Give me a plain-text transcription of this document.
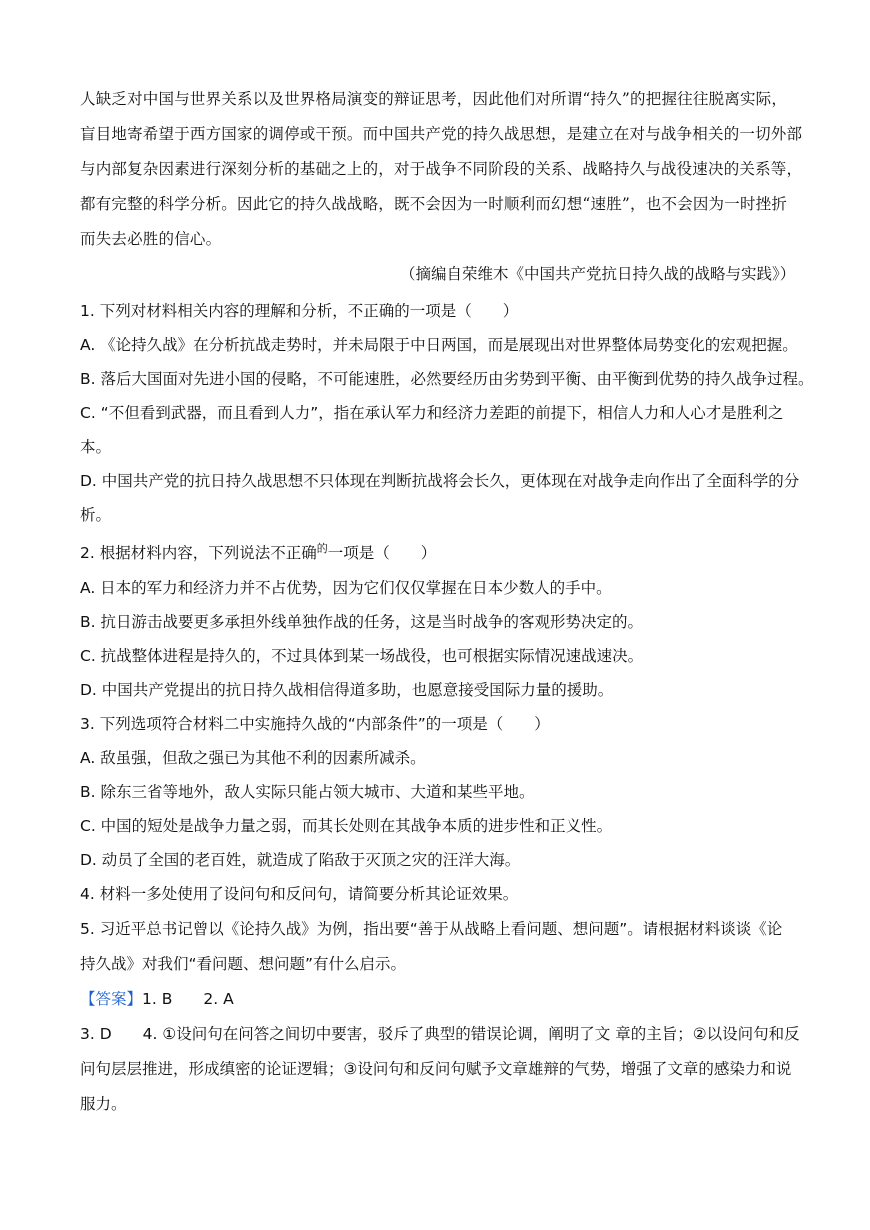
人缺乏对中国与世界关系以及世界格局演变的辩证思考，因此他们对所谓“持久”的把握往往脱离实际，
盲目地寄希望于西方国家的调停或干预。而中国共产党的持久战思想，是建立在对与战争相关的一切外部
与内部复杂因素进行深刻分析的基础之上的，对于战争不同阶段的关系、战略持久与战役速决的关系等，
都有完整的科学分析。因此它的持久战战略，既不会因为一时顺利而幻想“速胜”，也不会因为一时挫折
而失去必胜的信心。
（摘编自荣维木《中国共产党抗日持久战的战略与实践》）
1. 下列对材料相关内容的理解和分析，不正确的一项是（　　）
A. 《论持久战》在分析抗战走势时，并未局限于中日两国，而是展现出对世界整体局势变化的宏观把握。
B. 落后大国面对先进小国的侵略，不可能速胜，必然要经历由劣势到平衡、由平衡到优势的持久战争过程。
C. “不但看到武器，而且看到人力”，指在承认军力和经济力差距的前提下，相信人力和人心才是胜利之
本。
D. 中国共产党的抗日持久战思想不只体现在判断抗战将会长久，更体现在对战争走向作出了全面科学的分
析。
2. 根据材料内容，下列说法不正确$^的$一项是（　　）
A. 日本的军力和经济力并不占优势，因为它们仅仅掌握在日本少数人的手中。
B. 抗日游击战要更多承担外线单独作战的任务，这是当时战争的客观形势决定的。
C. 抗战整体进程是持久的，不过具体到某一场战役，也可根据实际情况速战速决。
D. 中国共产党提出的抗日持久战相信得道多助，也愿意接受国际力量的援助。
3. 下列选项符合材料二中实施持久战的“内部条件”的一项是（　　）
A. 敌虽强，但敌之强已为其他不利的因素所减杀。
B. 除东三省等地外，敌人实际只能占领大城市、大道和某些平地。
C. 中国的短处是战争力量之弱，而其长处则在其战争本质的进步性和正义性。
D. 动员了全国的老百姓，就造成了陷敌于灭顶之灾的汪洋大海。
4. 材料一多处使用了设问句和反问句，请简要分析其论证效果。
5. 习近平总书记曾以《论持久战》为例，指出要“善于从战略上看问题、想问题”。请根据材料谈谈《论
持久战》对我们“看问题、想问题”有什么启示。
【答案】1. B　　2. A
3. D　　4. ①设问句在问答之间切中要害，驳斥了典型的错误论调，阐明了文 章的主旨；②以设问句和反
问句层层推进，形成缜密的论证逻辑；③设问句和反问句赋予文章雄辩的气势，增强了文章的感染力和说
服力。
